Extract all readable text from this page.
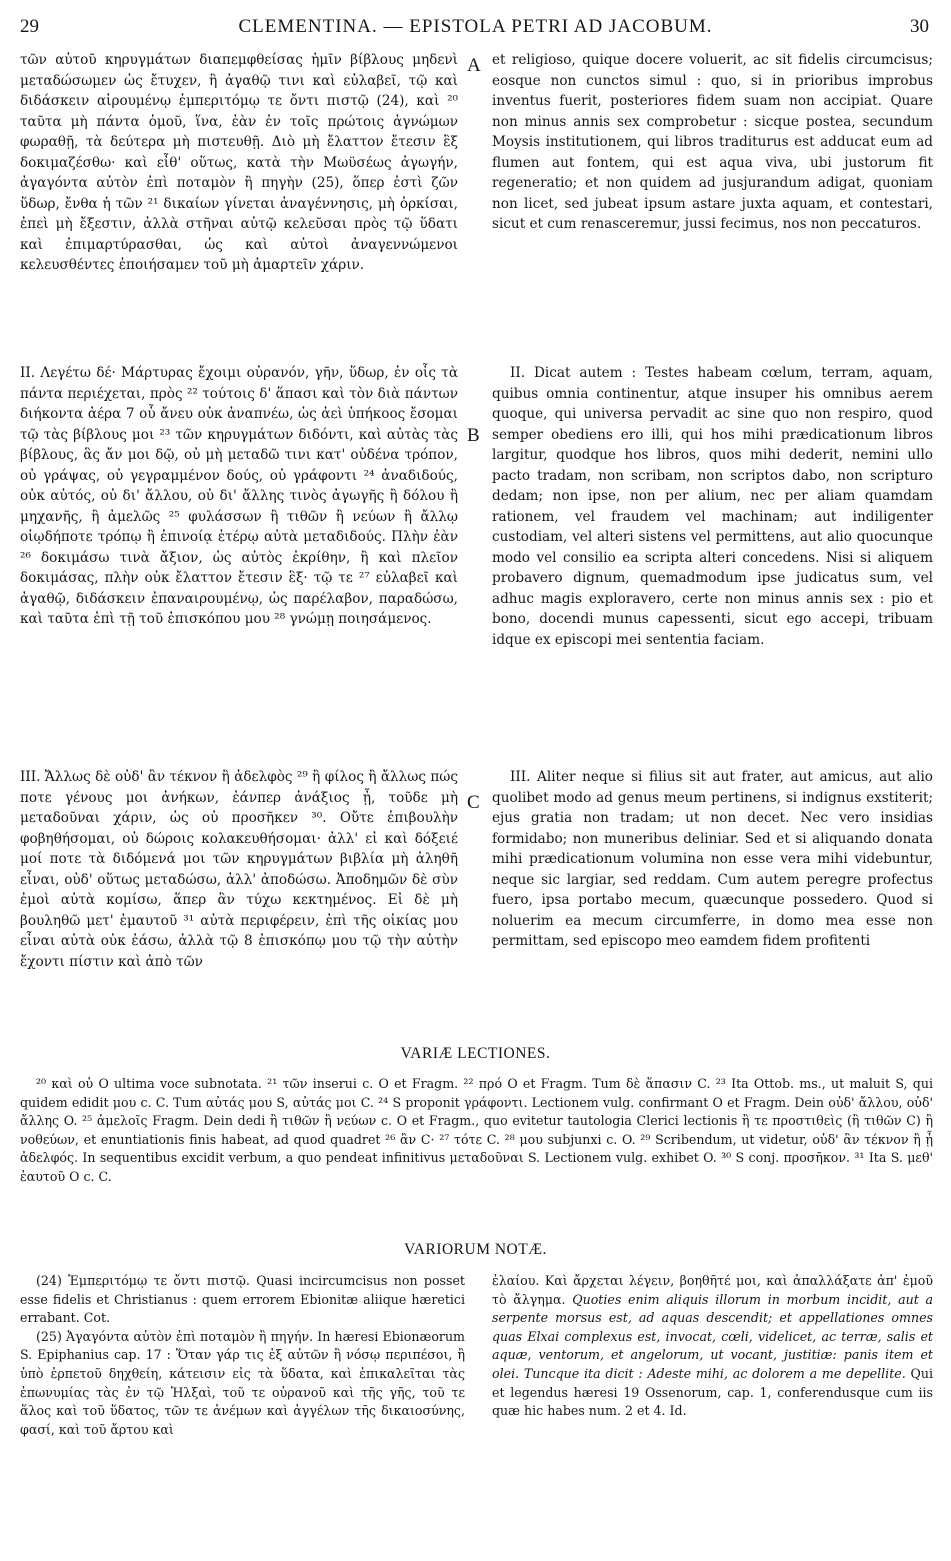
29	CLEMENTINA. — EPISTOLA PETRI AD JACOBUM.	30

τῶν αὐτοῦ κηρυγμάτων διαπεμφθείσας ἡμῖν βίβλους μηδενὶ μεταδώσωμεν ὡς ἔτυχεν, ἢ ἀγαθῷ τινι καὶ εὐλαβεῖ, τῷ καὶ διδάσκειν αἱρουμένῳ ἐμπεριτόμῳ τε ὄντι πιστῷ (24), καὶ ²⁰ ταῦτα μὴ πάντα ὁμοῦ, ἵνα, ἐὰν ἐν τοῖς πρώτοις ἀγνώμων φωραθῇ, τὰ δεύτερα μὴ πιστευθῇ. Διὸ μὴ ἔλαττον ἔτεσιν ἓξ δοκιμαζέσθω· καὶ εἶθ' οὕτως, κατὰ τὴν Μωϋσέως ἀγωγήν, ἀγαγόντα αὐτὸν ἐπὶ ποταμὸν ἢ πηγὴν (25), ὅπερ ἐστὶ ζῶν ὕδωρ, ἔνθα ἡ τῶν ²¹ δικαίων γίνεται ἀναγέννησις, μὴ ὁρκίσαι, ἐπεὶ μὴ ἔξεστιν, ἀλλὰ στῆναι αὐτῷ κελεῦσαι πρὸς τῷ ὕδατι καὶ ἐπιμαρτύρασθαι, ὡς καὶ αὐτοὶ ἀναγεννώμενοι κελευσθέντες ἐποιήσαμεν τοῦ μὴ ἁμαρτεῖν χάριν.

II. Λεγέτω δέ· Μάρτυρας ἔχοιμι οὐρανόν, γῆν, ὕδωρ, ἐν οἷς τὰ πάντα περιέχεται, πρὸς ²² τούτοις δ' ἅπασι καὶ τὸν διὰ πάντων διήκοντα ἀέρα 7 οὗ ἄνευ οὐκ ἀναπνέω, ὡς ἀεὶ ὑπήκοος ἔσομαι τῷ τὰς βίβλους μοι ²³ τῶν κηρυγμάτων διδόντι, καὶ αὐτὰς τὰς βίβλους, ἃς ἄν μοι δῷ, οὐ μὴ μεταδῶ τινι κατ' οὐδένα τρόπον, οὐ γράψας, οὐ γεγραμμένον δούς, οὐ γράφοντι ²⁴ ἀναδιδούς, οὐκ αὐτός, οὐ δι' ἄλλου, οὐ δι' ἄλλης τινὸς ἀγωγῆς ἢ δόλου ἢ μηχανῆς, ἢ ἀμελῶς ²⁵ φυλάσσων ἢ τιθῶν ἢ νεύων ἢ ἄλλῳ οἱῳδήποτε τρόπῳ ἢ ἐπινοίᾳ ἑτέρῳ αὐτὰ μεταδιδούς. Πλὴν ἐὰν ²⁶ δοκιμάσω τινὰ ἄξιον, ὡς αὐτὸς ἐκρίθην, ἢ καὶ πλεῖον δοκιμάσας, πλὴν οὐκ ἔλαττον ἔτεσιν ἓξ· τῷ τε ²⁷ εὐλαβεῖ καὶ ἀγαθῷ, διδάσκειν ἐπαναιρουμένῳ, ὡς παρέλαβον, παραδώσω, καὶ ταῦτα ἐπὶ τῇ τοῦ ἐπισκόπου μου ²⁸ γνώμῃ ποιησάμενος.

III. Ἄλλως δὲ οὐδ' ἂν τέκνον ἢ ἀδελφὸς ²⁹ ἢ φίλος ἢ ἄλλως πώς ποτε γένους μοι ἀνήκων, ἐάνπερ ἀνάξιος ᾖ, τοῦδε μὴ μεταδοῦναι χάριν, ὡς οὐ προσῆκεν ³⁰. Οὔτε ἐπιβουλὴν φοβηθήσομαι, οὐ δώροις κολακευθήσομαι· ἀλλ' εἰ καὶ δόξειέ μοί ποτε τὰ διδόμενά μοι τῶν κηρυγμάτων βιβλία μὴ ἀληθῆ εἶναι, οὐδ' οὕτως μεταδώσω, ἀλλ' ἀποδώσω. Ἀποδημῶν δὲ σὺν ἐμοὶ αὐτὰ κομίσω, ἅπερ ἂν τύχω κεκτημένος. Εἰ δὲ μὴ βουληθῶ μετ' ἐμαυτοῦ ³¹ αὐτὰ περιφέρειν, ἐπὶ τῆς οἰκίας μου εἶναι αὐτὰ οὐκ ἐάσω, ἀλλὰ τῷ 8 ἐπισκόπῳ μου τῷ τὴν αὐτὴν ἔχοντι πίστιν καὶ ἀπὸ τῶν

A
B
C

et religioso, quique docere voluerit, ac sit fidelis circumcisus; eosque non cunctos simul : quo, si in prioribus improbus inventus fuerit, posteriores fidem suam non accipiat. Quare non minus annis sex comprobetur : sicque postea, secundum Moysis institutionem, qui libros traditurus est adducat eum ad flumen aut fontem, qui est aqua viva, ubi justorum fit regeneratio; et non quidem ad jusjurandum adigat, quoniam non licet, sed jubeat ipsum astare juxta aquam, et contestari, sicut et cum renasceremur, jussi fecimus, nos non peccaturos.

II. Dicat autem : Testes habeam cœlum, terram, aquam, quibus omnia continentur, atque insuper his omnibus aerem quoque, qui universa pervadit ac sine quo non respiro, quod semper obediens ero illi, qui hos mihi prædicationum libros largitur, quodque hos libros, quos mihi dederit, nemini ullo pacto tradam, non scribam, non scriptos dabo, non scripturo dedam; non ipse, non per alium, nec per aliam quamdam rationem, vel fraudem vel machinam; aut indiligenter custodiam, vel alteri sistens vel permittens, aut alio quocunque modo vel consilio ea scripta alteri concedens. Nisi si aliquem probavero dignum, quemadmodum ipse judicatus sum, vel adhuc magis exploravero, certe non minus annis sex : pio et bono, docendi munus capessenti, sicut ego accepi, tribuam idque ex episcopi mei sententia faciam.

III. Aliter neque si filius sit aut frater, aut amicus, aut alio quolibet modo ad genus meum pertinens, si indignus exstiterit; ejus gratia non tradam; ut non decet. Nec vero insidias formidabo; non muneribus deliniar. Sed et si aliquando donata mihi prædicationum volumina non esse vera mihi videbuntur, neque sic largiar, sed reddam. Cum autem peregre profectus fuero, ipsa portabo mecum, quæcunque possedero. Quod si noluerim ea mecum circumferre, in domo mea esse non permittam, sed episcopo meo eamdem fidem profitenti

VARIÆ LECTIONES.

²⁰ καὶ οὐ O ultima voce subnotata. ²¹ τῶν inserui c. O et Fragm. ²² πρό O et Fragm. Tum δὲ ἅπασιν C. ²³ Ita Ottob. ms., ut maluit S, qui quidem edidit μου c. C. Tum αὐτάς μου S, αὐτάς μοι C. ²⁴ S proponit γράφοντι. Lectionem vulg. confirmant O et Fragm. Dein οὐδ' ἄλλου, οὐδ' ἄλλης O. ²⁵ ἀμελοῖς Fragm. Dein dedi ἢ τιθῶν ἢ νεύων c. O et Fragm., quo evitetur tautologia Clerici lectionis ἢ τε προστιθεὶς (ἢ τιθῶν C) ἢ νοθεύων, et enuntiationis finis habeat, ad quod quadret ²⁶ ἂν C· ²⁷ τότε C. ²⁸ μου subjunxi c. O. ²⁹ Scribendum, ut videtur, οὐδ' ἂν τέκνον ἢ ᾖ ἀδελφός. In sequentibus excidit verbum, a quo pendeat infinitivus μεταδοῦναι S. Lectionem vulg. exhibet O. ³⁰ S conj. προσῆκον. ³¹ Ita S. μεθ' ἑαυτοῦ O c. C.

VARIORUM NOTÆ.

(24) Ἐμπεριτόμῳ τε ὄντι πιστῷ. Quasi incircumcisus non posset esse fidelis et Christianus : quem errorem Ebionitæ aliique hæretici errabant. Cot.

(25) Ἀγαγόντα αὐτὸν ἐπὶ ποταμὸν ἢ πηγήν. In hæresi Ebionæorum S. Epiphanius cap. 17 : Ὅταν γάρ τις ἐξ αὐτῶν ἢ νόσῳ περιπέσοι, ἢ ὑπὸ ἑρπετοῦ δηχθείη, κάτεισιν εἰς τὰ ὕδατα, καὶ ἐπικαλεῖται τὰς ἐπωνυμίας τὰς ἐν τῷ Ἠλξαὶ, τοῦ τε οὐρανοῦ καὶ τῆς γῆς, τοῦ τε ἅλος καὶ τοῦ ὕδατος, τῶν τε ἀνέμων καὶ ἀγγέλων τῆς δικαιοσύνης, φασί, καὶ τοῦ ἄρτου καὶ

ἐλαίου. Καὶ ἄρχεται λέγειν, βοηθῆτέ μοι, καὶ ἀπαλλάξατε ἀπ' ἐμοῦ τὸ ἄλγημα. Quoties enim aliquis illorum in morbum incidit, aut a serpente morsus est, ad aquas descendit; et appellationes omnes quas Elxai complexus est, invocat, cœli, videlicet, ac terræ, salis et aquæ, ventorum, et angelorum, ut vocant, justitiæ: panis item et olei. Tuncque ita dicit : Adeste mihi, ac dolorem a me depellite. Qui et legendus hæresi 19 Ossenorum, cap. 1, conferendusque cum iis quæ hic habes num. 2 et 4. Id.
